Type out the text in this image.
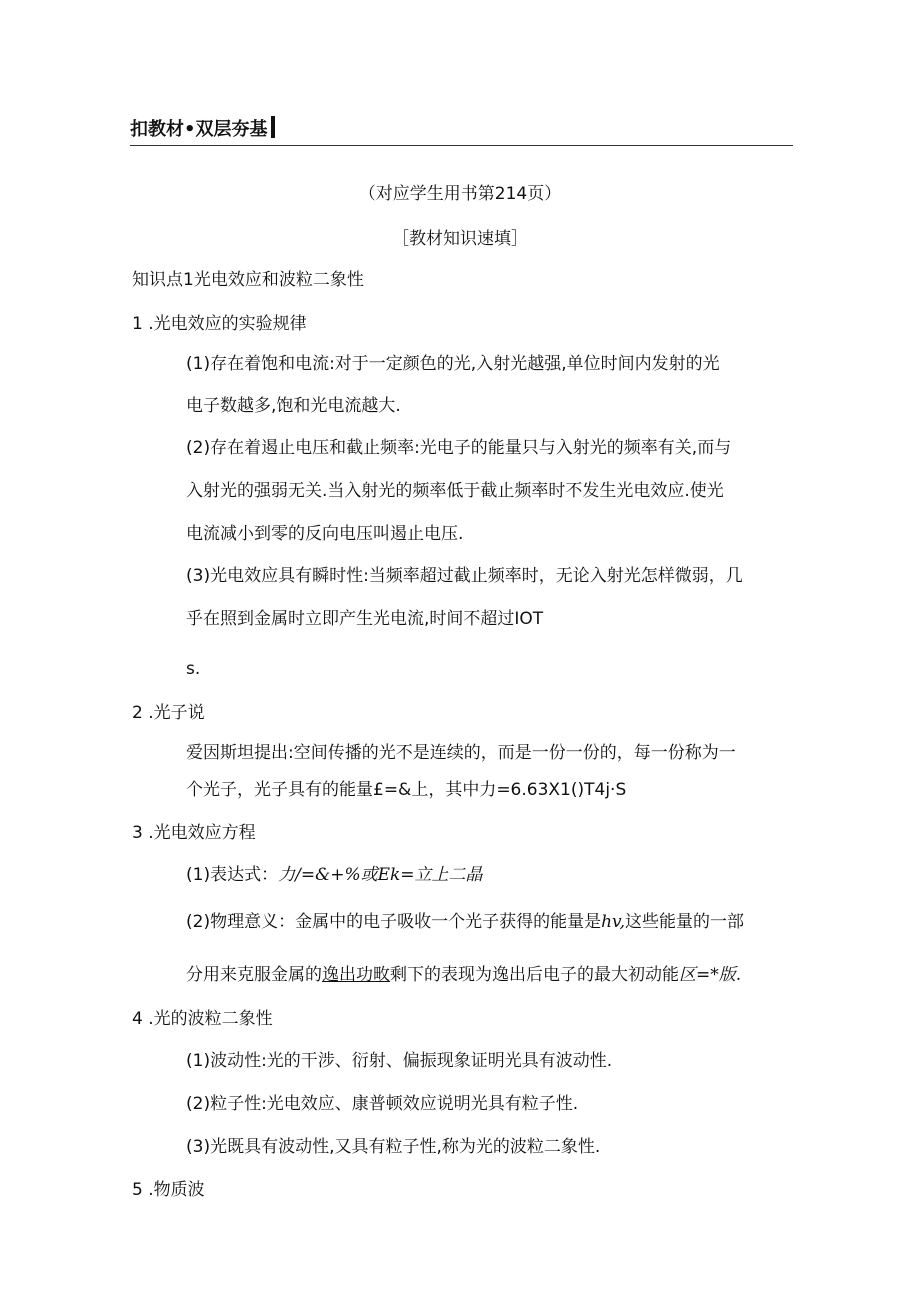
扣教材•双层夯基
（对应学生用书第214页）
［教材知识速填］
知识点1光电效应和波粒二象性
1 .光电效应的实验规律
(1)存在着饱和电流:对于一定颜色的光,入射光越强,单位时间内发射的光
电子数越多,饱和光电流越大.
(2)存在着遏止电压和截止频率:光电子的能量只与入射光的频率有关,而与
入射光的强弱无关.当入射光的频率低于截止频率时不发生光电效应.使光
电流减小到零的反向电压叫遏止电压.
(3)光电效应具有瞬时性:当频率超过截止频率时，无论入射光怎样微弱，几
乎在照到金属时立即产生光电流,时间不超过IOT
s.
2 .光子说
爱因斯坦提出:空间传播的光不是连续的，而是一份一份的，每一份称为一
个光子，光子具有的能量£=&上，其中力=6.63X1()T4j·S
3 .光电效应方程
(1)表达式：力∕=&+%或Ek=立上二晶
(2)物理意义：金属中的电子吸收一个光子获得的能量是hv,这些能量的一部
分用来克服金属的逸出功畋剩下的表现为逸出后电子的最大初动能区=*版.
4 .光的波粒二象性
(1)波动性:光的干涉、衍射、偏振现象证明光具有波动性.
(2)粒子性:光电效应、康普顿效应说明光具有粒子性.
(3)光既具有波动性,又具有粒子性,称为光的波粒二象性.
5 .物质波
